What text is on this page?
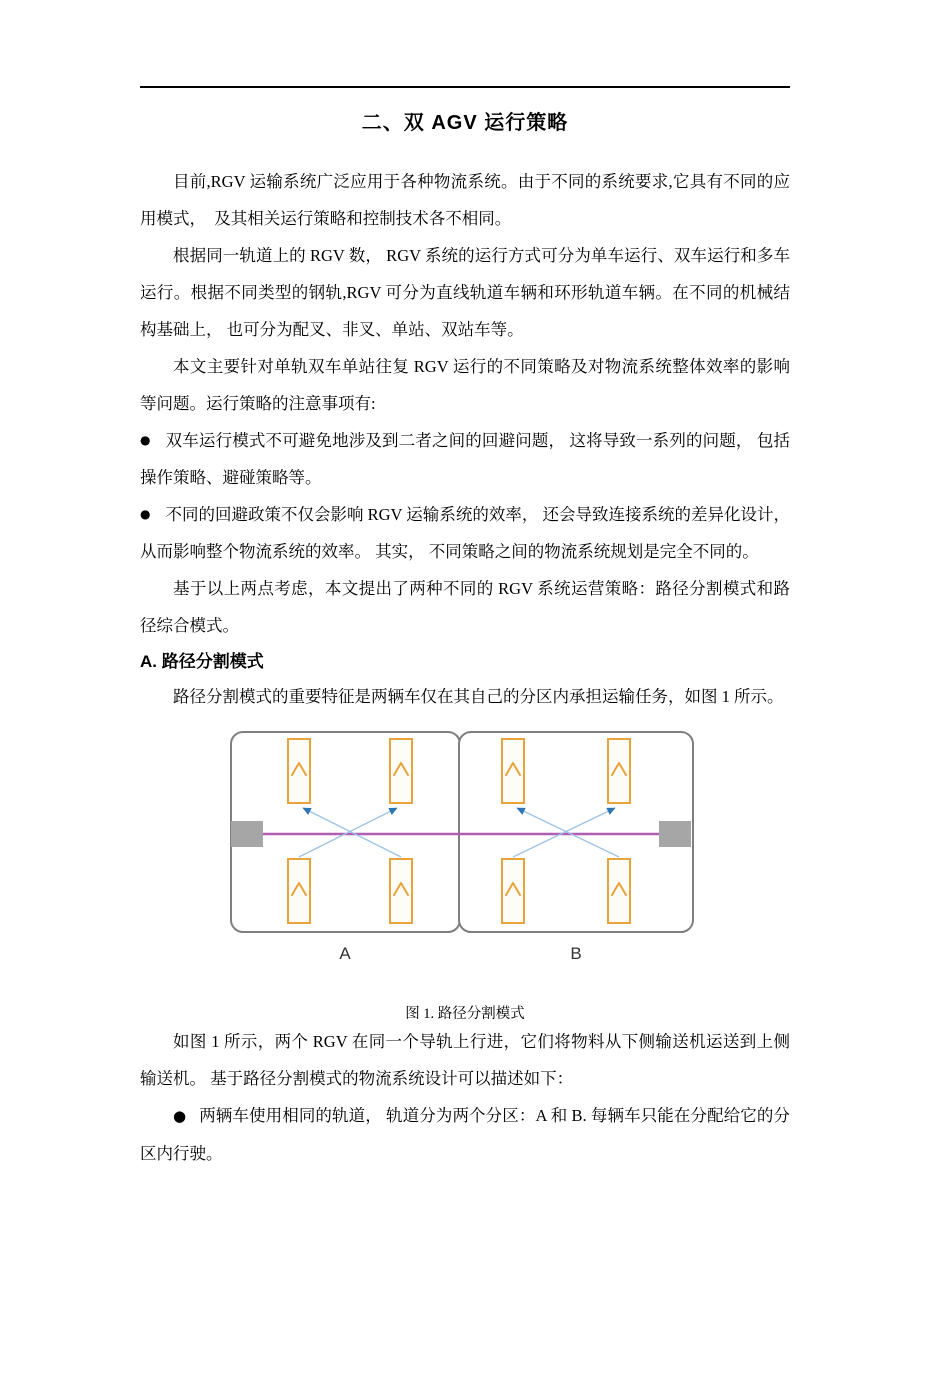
二、双 AGV 运行策略

目前,RGV 运输系统广泛应用于各种物流系统。由于不同的系统要求,它具有不同的应用模式，　及其相关运行策略和控制技术各不相同。

根据同一轨道上的 RGV 数， RGV 系统的运行方式可分为单车运行、双车运行和多车运行。根据不同类型的钢轨,RGV 可分为直线轨道车辆和环形轨道车辆。在不同的机械结构基础上， 也可分为配叉、非叉、单站、双站车等。

本文主要针对单轨双车单站往复 RGV 运行的不同策略及对物流系统整体效率的影响等问题。运行策略的注意事项有:

● 双车运行模式不可避免地涉及到二者之间的回避问题， 这将导致一系列的问题， 包括操作策略、避碰策略等。

● 不同的回避政策不仅会影响 RGV 运输系统的效率， 还会导致连接系统的差异化设计， 从而影响整个物流系统的效率。 其实， 不同策略之间的物流系统规划是完全不同的。

基于以上两点考虑，本文提出了两种不同的 RGV 系统运营策略：路径分割模式和路径综合模式。

A. 路径分割模式

路径分割模式的重要特征是两辆车仅在其自己的分区内承担运输任务，如图 1 所示。

A	B
图 1. 路径分割模式

如图 1 所示，两个 RGV 在同一个导轨上行进，它们将物料从下侧输送机运送到上侧输送机。 基于路径分割模式的物流系统设计可以描述如下：

● 两辆车使用相同的轨道， 轨道分为两个分区：A 和 B. 每辆车只能在分配给它的分区内行驶。
